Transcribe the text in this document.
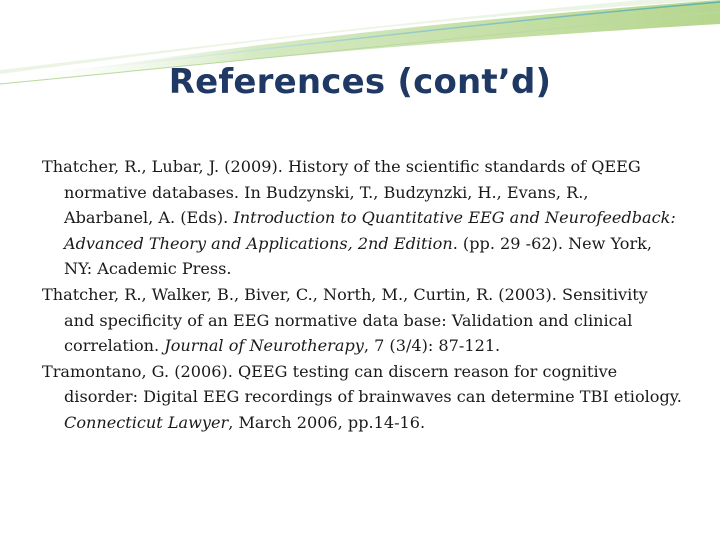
References (cont’d)

Thatcher, R., Lubar, J. (2009). History of the scientific standards of QEEG normative databases. In Budzynski, T., Budzynzki, H., Evans, R., Abarbanel, A. (Eds). Introduction to Quantitative EEG and Neurofeedback: Advanced Theory and Applications, 2nd Edition. (pp. 29 -62). New York, NY: Academic Press.

Thatcher, R., Walker, B., Biver, C., North, M., Curtin, R. (2003). Sensitivity and specificity of an EEG normative data base: Validation and clinical correlation. Journal of Neurotherapy, 7 (3/4): 87-121.

Tramontano, G. (2006). QEEG testing can discern reason for cognitive disorder: Digital EEG recordings of brainwaves can determine TBI etiology. Connecticut Lawyer, March 2006, pp.14-16.
